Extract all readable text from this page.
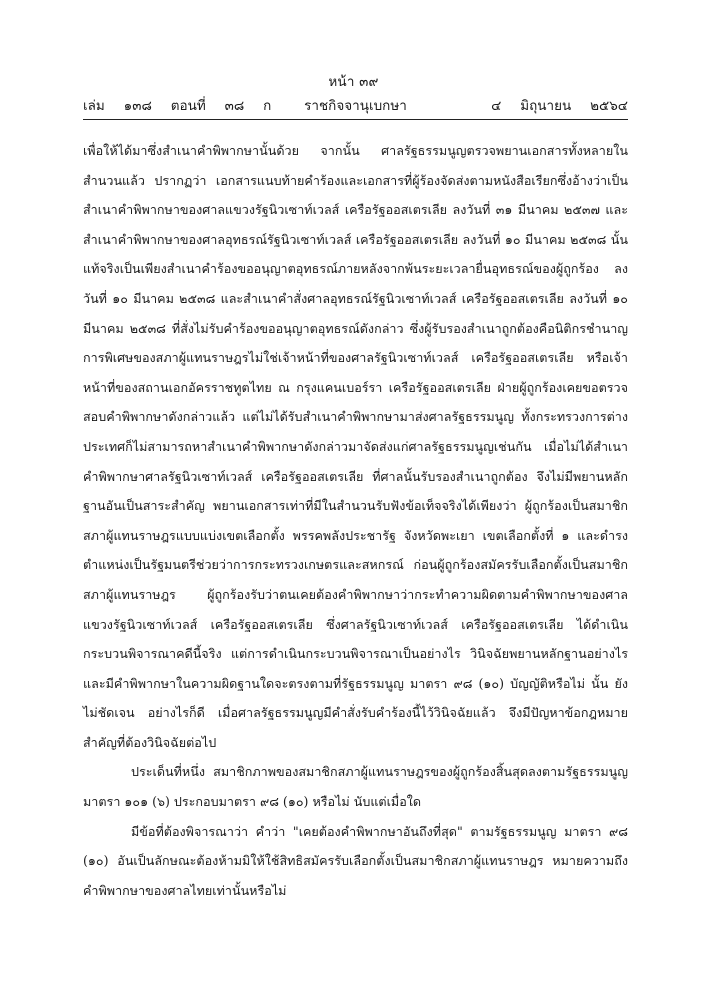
หน้า ๓๙
เล่ม   ๑๓๘   ตอนที่   ๓๘   ก	ราชกิจจานุเบกษา	๔   มิถุนายน   ๒๕๖๔

เพื่อให้ได้มาซึ่งสำเนาคำพิพากษานั้นด้วย จากนั้น ศาลรัฐธรรมนูญตรวจพยานเอกสารทั้งหลายในสำนวนแล้ว ปรากฏว่า เอกสารแนบท้ายคำร้องและเอกสารที่ผู้ร้องจัดส่งตามหนังสือเรียกซึ่งอ้างว่าเป็นสำเนาคำพิพากษาของศาลแขวงรัฐนิวเซาท์เวลส์ เครือรัฐออสเตรเลีย ลงวันที่ ๓๑ มีนาคม ๒๕๓๗ และสำเนาคำพิพากษาของศาลอุทธรณ์รัฐนิวเซาท์เวลส์ เครือรัฐออสเตรเลีย ลงวันที่ ๑๐ มีนาคม ๒๕๓๘ นั้น แท้จริงเป็นเพียงสำเนาคำร้องขออนุญาตอุทธรณ์ภายหลังจากพ้นระยะเวลายื่นอุทธรณ์ของผู้ถูกร้อง ลงวันที่ ๑๐ มีนาคม ๒๕๓๘ และสำเนาคำสั่งศาลอุทธรณ์รัฐนิวเซาท์เวลส์ เครือรัฐออสเตรเลีย ลงวันที่ ๑๐ มีนาคม ๒๕๓๘ ที่สั่งไม่รับคำร้องขออนุญาตอุทธรณ์ดังกล่าว ซึ่งผู้รับรองสำเนาถูกต้องคือนิติกรชำนาญการพิเศษของสภาผู้แทนราษฎรไม่ใช่เจ้าหน้าที่ของศาลรัฐนิวเซาท์เวลส์ เครือรัฐออสเตรเลีย หรือเจ้าหน้าที่ของสถานเอกอัครราชทูตไทย ณ กรุงแคนเบอร์รา เครือรัฐออสเตรเลีย ฝ่ายผู้ถูกร้องเคยขอตรวจสอบคำพิพากษาดังกล่าวแล้ว แต่ไม่ได้รับสำเนาคำพิพากษามาส่งศาลรัฐธรรมนูญ ทั้งกระทรวงการต่างประเทศก็ไม่สามารถหาสำเนาคำพิพากษาดังกล่าวมาจัดส่งแก่ศาลรัฐธรรมนูญเช่นกัน เมื่อไม่ได้สำเนาคำพิพากษาศาลรัฐนิวเซาท์เวลส์ เครือรัฐออสเตรเลีย ที่ศาลนั้นรับรองสำเนาถูกต้อง จึงไม่มีพยานหลักฐานอันเป็นสาระสำคัญ พยานเอกสารเท่าที่มีในสำนวนรับฟังข้อเท็จจริงได้เพียงว่า ผู้ถูกร้องเป็นสมาชิกสภาผู้แทนราษฎรแบบแบ่งเขตเลือกตั้ง พรรคพลังประชารัฐ จังหวัดพะเยา เขตเลือกตั้งที่ ๑ และดำรงตำแหน่งเป็นรัฐมนตรีช่วยว่าการกระทรวงเกษตรและสหกรณ์ ก่อนผู้ถูกร้องสมัครรับเลือกตั้งเป็นสมาชิกสภาผู้แทนราษฎร ผู้ถูกร้องรับว่าตนเคยต้องคำพิพากษาว่ากระทำความผิดตามคำพิพากษาของศาลแขวงรัฐนิวเซาท์เวลส์ เครือรัฐออสเตรเลีย ซึ่งศาลรัฐนิวเซาท์เวลส์ เครือรัฐออสเตรเลีย ได้ดำเนินกระบวนพิจารณาคดีนี้จริง แต่การดำเนินกระบวนพิจารณาเป็นอย่างไร วินิจฉัยพยานหลักฐานอย่างไร และมีคำพิพากษาในความผิดฐานใดจะตรงตามที่รัฐธรรมนูญ มาตรา ๙๘ (๑๐) บัญญัติหรือไม่ นั้น ยังไม่ชัดเจน อย่างไรก็ดี เมื่อศาลรัฐธรรมนูญมีคำสั่งรับคำร้องนี้ไว้วินิจฉัยแล้ว จึงมีปัญหาข้อกฎหมายสำคัญที่ต้องวินิจฉัยต่อไป

ประเด็นที่หนึ่ง สมาชิกภาพของสมาชิกสภาผู้แทนราษฎรของผู้ถูกร้องสิ้นสุดลงตามรัฐธรรมนูญ มาตรา ๑๐๑ (๖) ประกอบมาตรา ๙๘ (๑๐) หรือไม่ นับแต่เมื่อใด

มีข้อที่ต้องพิจารณาว่า คำว่า "เคยต้องคำพิพากษาอันถึงที่สุด" ตามรัฐธรรมนูญ มาตรา ๙๘ (๑๐) อันเป็นลักษณะต้องห้ามมิให้ใช้สิทธิสมัครรับเลือกตั้งเป็นสมาชิกสภาผู้แทนราษฎร หมายความถึงคำพิพากษาของศาลไทยเท่านั้นหรือไม่
